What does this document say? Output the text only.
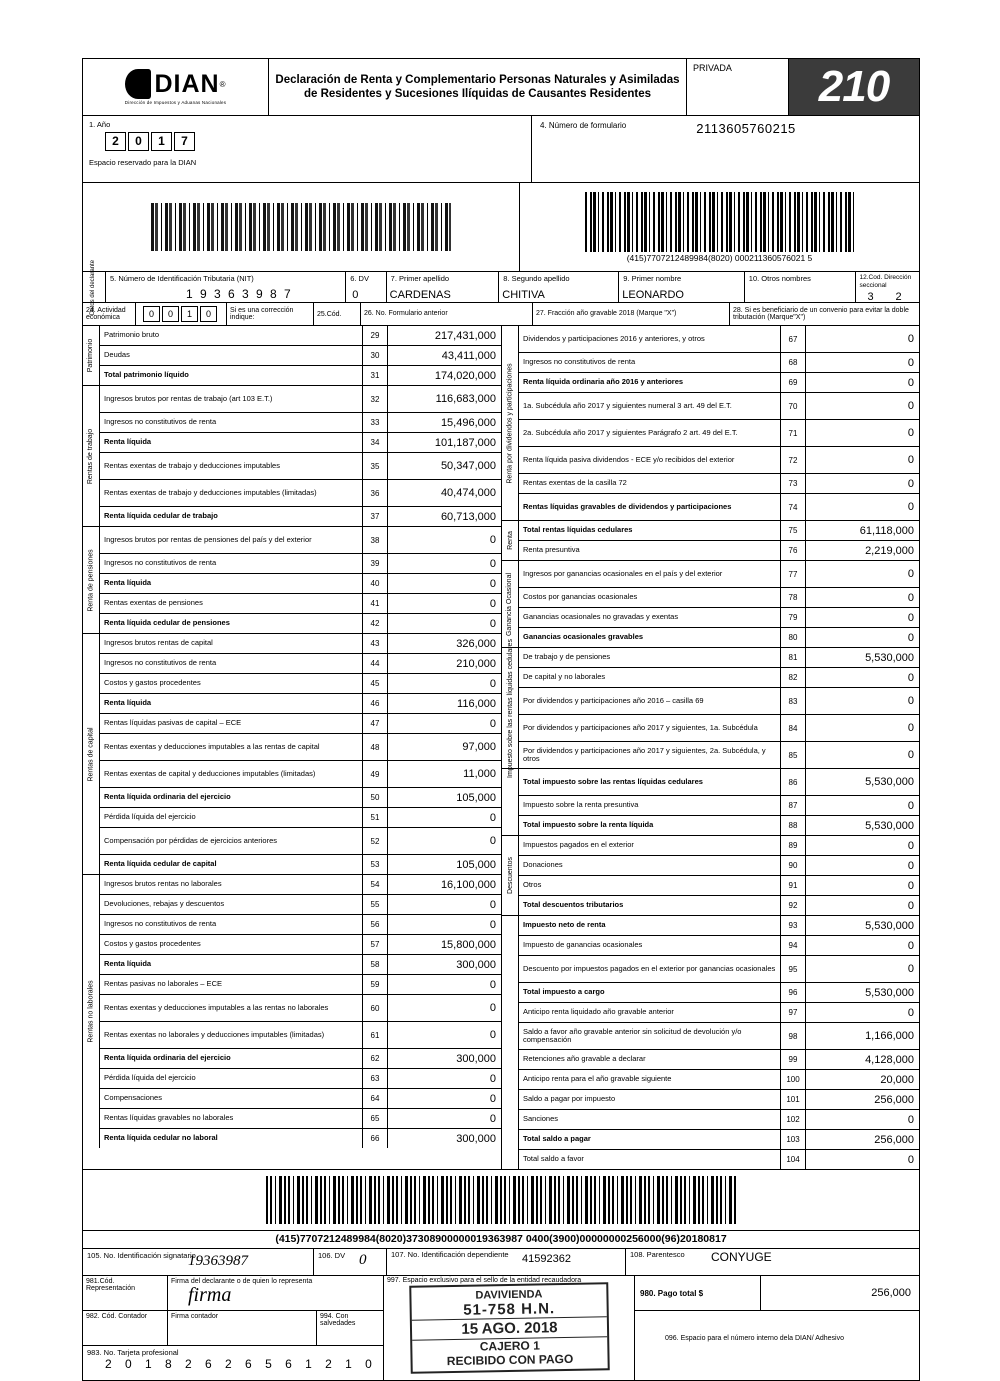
DIAN ®
Dirección de Impuestos y Aduanas Nacionales
Declaración de Renta y Complementario Personas Naturales y Asimiladas de Residentes y Sucesiones Ilíquidas de Causantes Residentes
PRIVADA	210
1. Año
2	0	1	7
Espacio reservado para la DIAN
4. Número de formulario	2113605760215
(415)7707212489984(8020) 000211360576021 5
Datos del declarante	5. Número de Identificación Tributaria (NIT)
1 9 3 6 3 9 8 7
6. DV
0
7. Primer apellido
CARDENAS
8. Segundo apellido
CHITIVA
9. Primer nombre
LEONARDO
10. Otros nombres	12.Cod. Dirección seccional
3 2
24. Actividad económica	0	0	1	0	Si es una corrección indique:	25.Cód.	26. No. Formulario anterior	27. Fracción año gravable 2018 (Marque "X")
28. Si es beneficiario de un convenio para evitar la doble tributación (Marque"X")
Patrimonio
Patrimonio bruto	29	217,431,000
Deudas	30	43,411,000
Total patrimonio líquido	31	174,020,000
Rentas de trabajo
Ingresos brutos por rentas de trabajo (art 103 E.T.)	32	116,683,000
Ingresos no constitutivos de renta	33	15,496,000
Renta líquida	34	101,187,000
Rentas exentas de trabajo y deducciones imputables	35	50,347,000
Rentas exentas de trabajo y deducciones imputables (limitadas)	36	40,474,000
Renta líquida cedular de trabajo	37	60,713,000
Renta de pensiones
Ingresos brutos por rentas de pensiones del país y del exterior	38	0
Ingresos no constitutivos de renta	39	0
Renta líquida	40	0
Rentas exentas de pensiones	41	0
Renta líquida cedular de pensiones	42	0
Rentas de capital
Ingresos brutos rentas de capital	43	326,000
Ingresos no constitutivos de renta	44	210,000
Costos y gastos procedentes	45	0
Renta líquida	46	116,000
Rentas líquidas pasivas de capital – ECE	47	0
Rentas exentas y deducciones imputables a las rentas de capital	48	97,000
Rentas exentas de capital y deducciones imputables (limitadas)	49	11,000
Renta líquida ordinaria del ejercicio	50	105,000
Pérdida líquida del ejercicio	51	0
Compensación por pérdidas de ejercicios anteriores	52	0
Renta líquida cedular de capital	53	105,000
Rentas no laborales
Ingresos brutos rentas no laborales	54	16,100,000
Devoluciones, rebajas y descuentos	55	0
Ingresos no constitutivos de renta	56	0
Costos y gastos procedentes	57	15,800,000
Renta líquida	58	300,000
Rentas pasivas no laborales – ECE	59	0
Rentas exentas y deducciones imputables a las rentas no laborales	60	0
Rentas exentas no laborales y deducciones imputables (limitadas)	61	0
Renta líquida ordinaria del ejercicio	62	300,000
Pérdida líquida del ejercicio	63	0
Compensaciones	64	0
Rentas líquidas gravables no laborales	65	0
Renta líquida cedular no laboral	66	300,000
Renta por dividendos y participaciones
Dividendos y participaciones 2016 y anteriores, y otros	67	0
Ingresos no constitutivos de renta	68	0
Renta líquida ordinaria año 2016 y anteriores	69	0
1a. Subcédula año 2017 y siguientes numeral 3 art. 49 del E.T.	70	0
2a. Subcédula año 2017 y siguientes Parágrafo 2 art. 49 del E.T.	71	0
Renta líquida pasiva dividendos - ECE y/o recibidos del exterior	72	0
Rentas exentas de la casilla 72	73	0
Rentas líquidas gravables de dividendos y participaciones	74	0
Renta
Total rentas líquidas cedulares	75	61,118,000
Renta presuntiva	76	2,219,000
Ganancia Ocasional	Ingresos por ganancias ocasionales en el país y del exterior	77	0
Costos por ganancias ocasionales	78	0
Ganancias ocasionales no gravadas y exentas	79	0
Ganancias ocasionales gravables	80	0
Impuesto sobre las rentas líquidas cedulares	De trabajo y de pensiones	81	5,530,000
De capital y no laborales	82	0
Por dividendos y participaciones año 2016 – casilla 69	83	0
Por dividendos y participaciones año 2017 y siguientes, 1a. Subcédula	84	0
Por dividendos y participaciones año 2017 y siguientes, 2a. Subcédula, y otros	85	0
Total impuesto sobre las rentas líquidas cedulares	86	5,530,000
Impuesto sobre la renta presuntiva	87	0
Total impuesto sobre la renta líquida	88	5,530,000
Descuentos
Impuestos pagados en el exterior	89	0
Donaciones	90	0
Otros	91	0
Total descuentos tributarios	92	0
Impuesto neto de renta	93	5,530,000
Impuesto de ganancias ocasionales	94	0
Descuento por impuestos pagados en el exterior por ganancias ocasionales	95	0
Total impuesto a cargo	96	5,530,000
Anticipo renta liquidado año gravable anterior	97	0
Saldo a favor año gravable anterior sin solicitud de devolución y/o compensación	98	1,166,000
Retenciones año gravable a declarar	99	4,128,000
Anticipo renta para el año gravable siguiente	100	20,000
Saldo a pagar por impuesto	101	256,000
Sanciones	102	0
Total saldo a pagar	103	256,000
Total saldo a favor	104	0
(415)7707212489984(8020)37308900000019363987 0400(3900)00000000256000(96)20180817
105. No. Identificación signatario
19363987	106. DV 0	107. No. Identificación dependiente 41592362	108. Parentesco CONYUGE
981.Cód. Representación
Firma del declarante o de quien lo representa
firma
982. Cód. Contador	Firma contador	994. Con salvedades
983. No. Tarjeta profesional
2 0 1 8 2 6 2 6 5 6 1 2 1 0
997. Espacio exclusivo para el sello de la entidad recaudadora
DAVIVIENDA
51-758 H.N.
15 AGO. 2018
CAJERO 1
RECIBIDO CON PAGO
980. Pago total $	256,000
096. Espacio para el número interno dela DIAN/ Adhesivo
